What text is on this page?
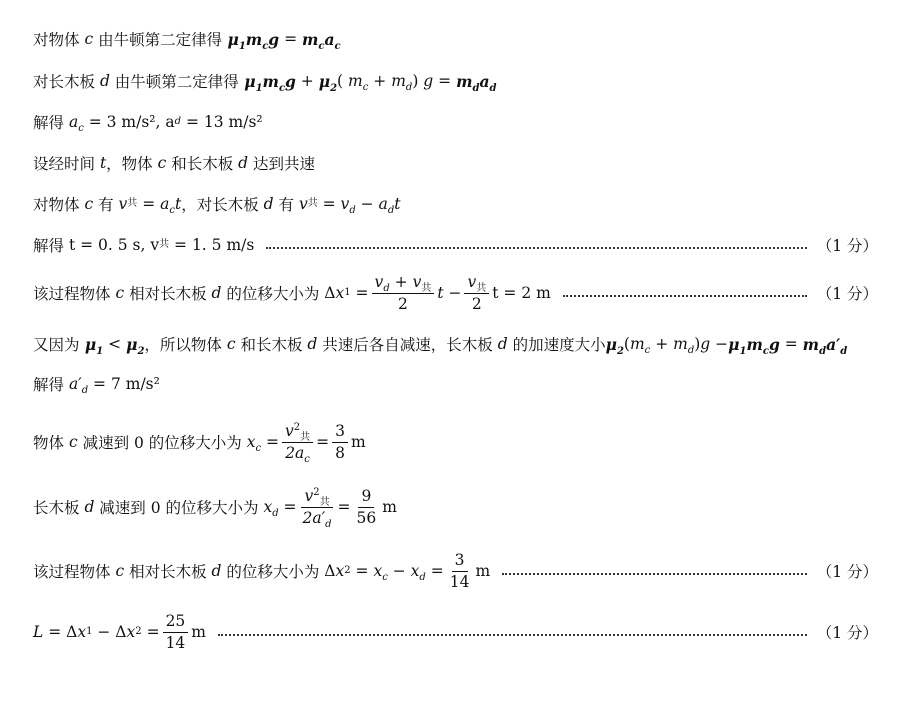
对物体 c 由牛顿第二定律得 $\mu_1m_cg = m_ca_c$
对长木板 d 由牛顿第二定律得 $\mu_1m_cg + \mu_2$ ( $m_c + m_d$ ) $g = m_da_d$
解得 $a_c$
= 3 m/s², a d
= 13 m/s²
设经时间 t ，物体 c 和长木板 d 达到共速
对物体 c 有 v 共 = $a_ct$ ，对长木板 d 有 v 共 = $v_d - a_dt$
解得
t = 0. 5 s, v 共
= 1. 5 m/s	（1 分）
该过程物体 c 相对长木板 d 的位移大小为 Δ x $1 = \frac{v_d + v_共}{2}$ $t - \frac{v_共}{2}$ t = 2 m	（1 分）
又因为 $\mu_1 < \mu_2$ ，所以物体 c 和长木板 d 共速后各自减速，长木板 d 的加速度大小 $\mu_2$ ( $m_c + m_d$ ) $g - \mu_1m_cg = m_da'_d$
解得 $a'_d$
= 7 m/s²
物体 c 减速到 0 的位移大小为 $x_c = \frac{v^2_共}{2a_c} = \frac{3}{8}$ m
长木板 d 减速到 0 的位移大小为 $x_d = \frac{v^2_共}{2a'_d} = \frac{9}{56}$ m
该过程物体 c 相对长木板 d 的位移大小为 Δ x $2 = x_c - x_d = \frac{3}{14}$ m	（1 分）
L = Δ x 1 − Δ x $2 = \frac{25}{14}$ m	（1 分）
